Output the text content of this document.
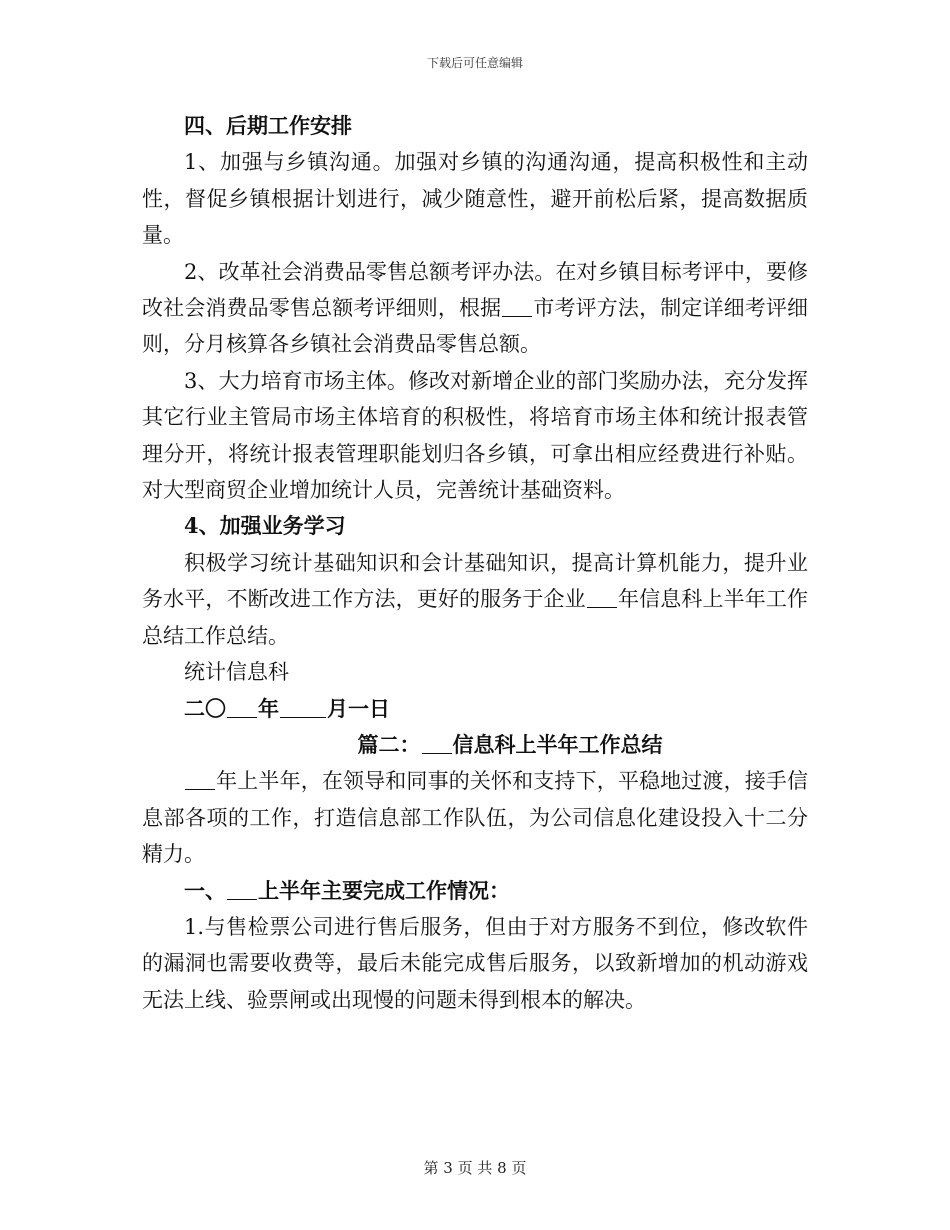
下载后可任意编辑

四、后期工作安排

1、加强与乡镇沟通。加强对乡镇的沟通沟通，提高积极性和主动性，督促乡镇根据计划进行，减少随意性，避开前松后紧，提高数据质量。

2、改革社会消费品零售总额考评办法。在对乡镇目标考评中，要修改社会消费品零售总额考评细则，根据 市考评方法，制定详细考评细则，分月核算各乡镇社会消费品零售总额。

3、大力培育市场主体。修改对新增企业的部门奖励办法，充分发挥其它行业主管局市场主体培育的积极性，将培育市场主体和统计报表管理分开，将统计报表管理职能划归各乡镇，可拿出相应经费进行补贴。对大型商贸企业增加统计人员，完善统计基础资料。

4、加强业务学习

积极学习统计基础知识和会计基础知识，提高计算机能力，提升业务水平，不断改进工作方法，更好的服务于企业 年信息科上半年工作总结工作总结。

统计信息科

二〇 年 月一日

篇二： 信息科上半年工作总结

年上半年，在领导和同事的关怀和支持下，平稳地过渡，接手信息部各项的工作，打造信息部工作队伍，为公司信息化建设投入十二分精力。

一、 上半年主要完成工作情况：

1.与售检票公司进行售后服务，但由于对方服务不到位，修改软件的漏洞也需要收费等，最后未能完成售后服务，以致新增加的机动游戏无法上线、验票闸或出现慢的问题未得到根本的解决。

第 3 页 共 8 页
